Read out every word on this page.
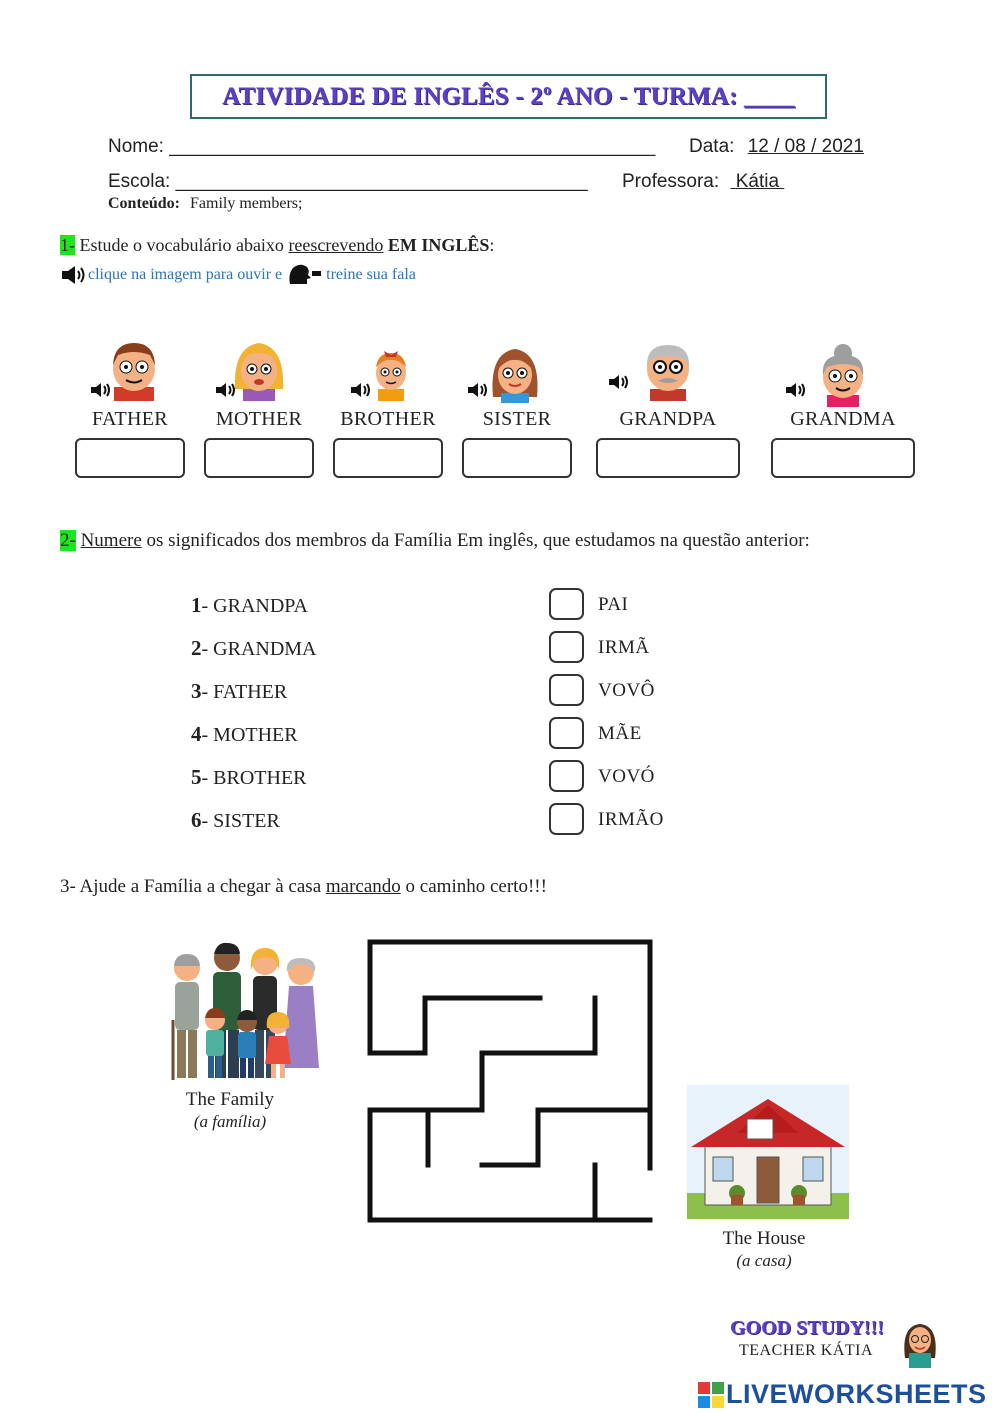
ATIVIDADE DE INGLÊS - 2º ANO - TURMA: ____
Nome: ______________________________________________ Data: 12 / 08 / 2021
Escola: _______________________________________ Professora: Kátia
Conteúdo: Family members;
1- Estude o vocabulário abaixo reescrevendo EM INGLÊS:
clique na imagem para ouvir e	treine sua fala
FATHER	MOTHER	BROTHER	SISTER	GRANDPA	GRANDMA
2- Numere os significados dos membros da Família Em inglês, que estudamos na questão anterior:
1- GRANDPA
2- GRANDMA
3- FATHER
4- MOTHER
5- BROTHER
6- SISTER
PAI
IRMÃ
VOVÔ
MÃE
VOVÓ
IRMÃO
3- Ajude a Família a chegar à casa marcando o caminho certo!!!
The Family
(a família)
The House
(a casa)
GOOD STUDY!!!
TEACHER KÁTIA
LIVEWORKSHEETS
